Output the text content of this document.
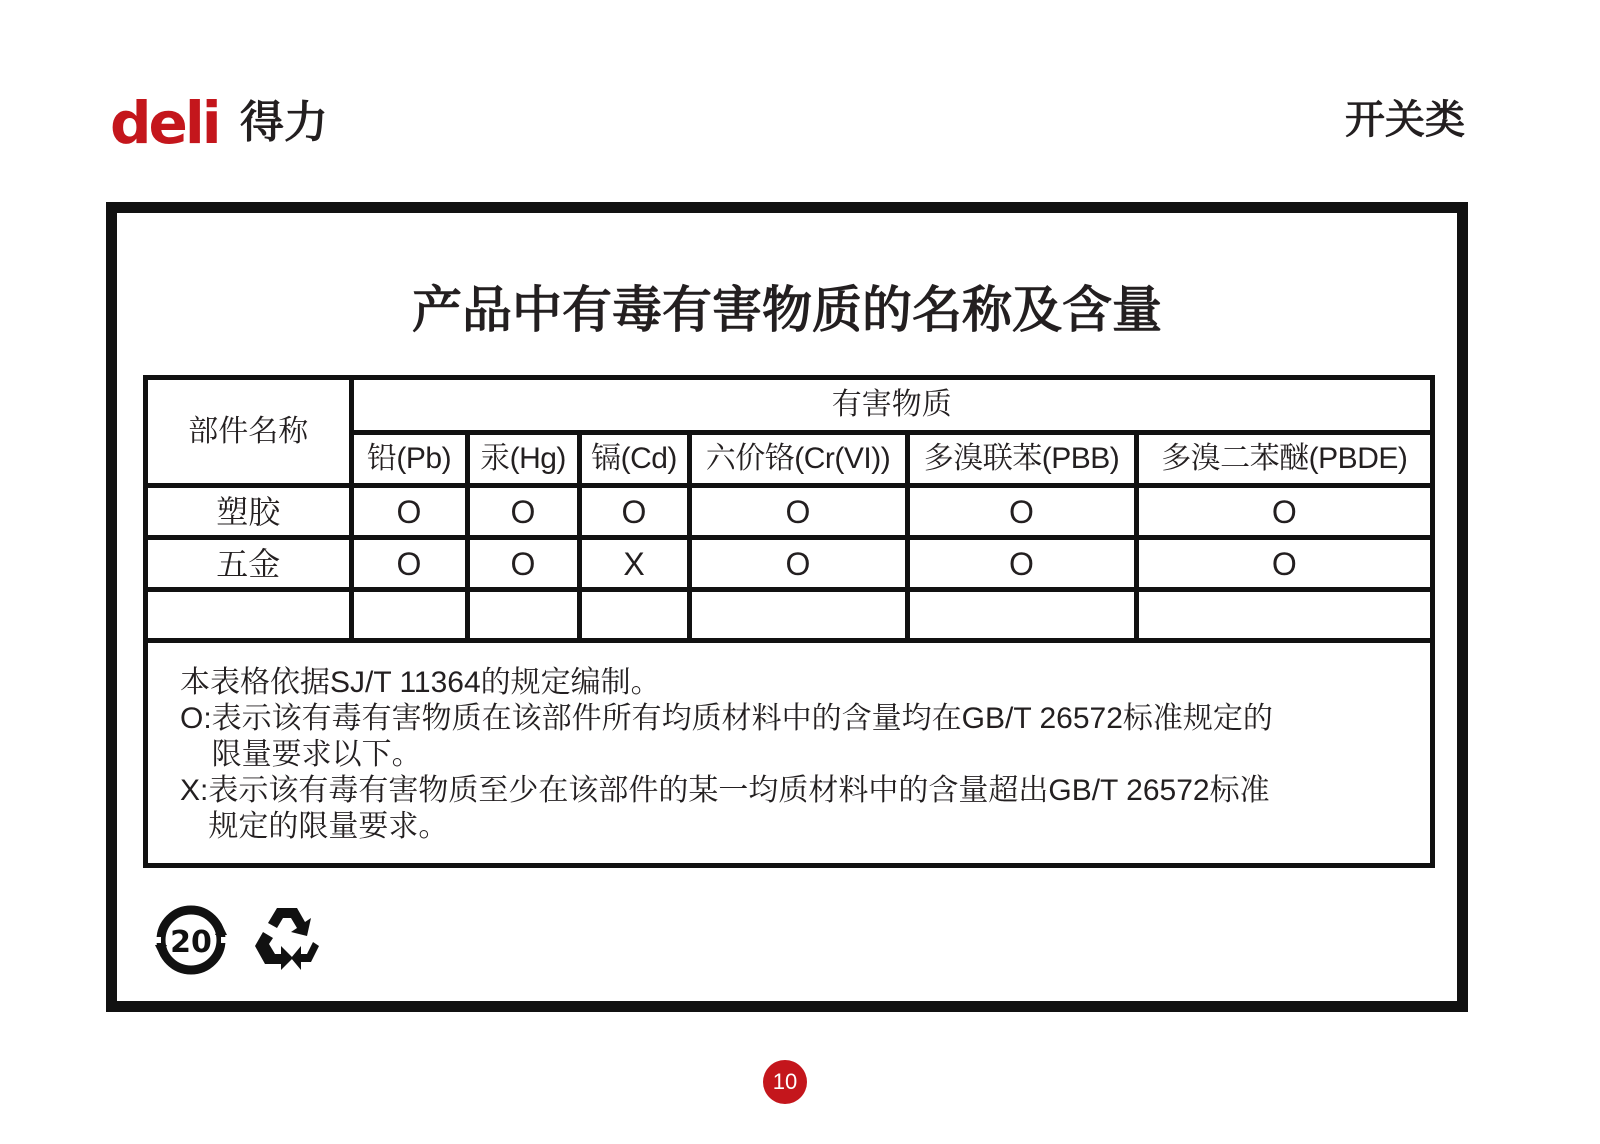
deli 得力	开关类
产品中有毒有害物质的名称及含量
部件名称	有害物质					
	铅(Pb)	汞(Hg)	镉(Cd)	六价铬(Cr(VI))	多溴联苯(PBB)	多溴二苯醚(PBDE)
塑胶	O	O	O	O	O	O
五金	O	O	X	O	O	O

本表格依据SJ/T 11364的规定编制。
O: 表示该有毒有害物质在该部件所有均质材料中的含量均在GB/T 26572标准规定的
限量要求以下。
X: 表示该有毒有害物质至少在该部件的某一均质材料中的含量超出GB/T 26572标准
规定的限量要求。
20
10
